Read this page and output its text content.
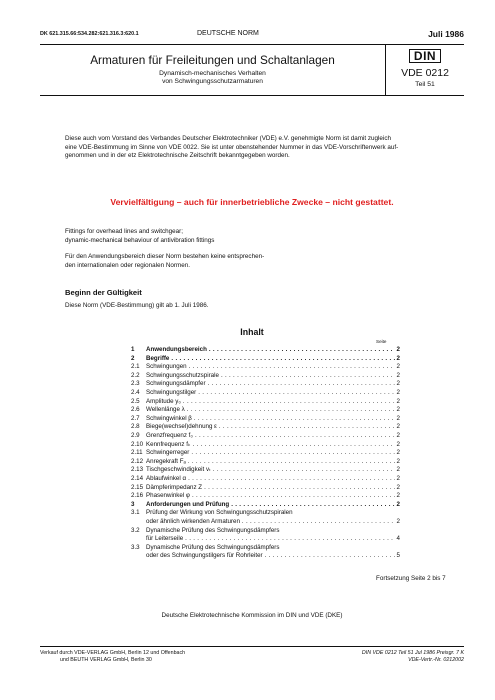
DK 621.315.66:534.282:621.316.3:620.1	DEUTSCHE NORM	Juli 1986
Armaturen für Freileitungen und Schaltanlagen
Dynamisch-mechanisches Verhalten
von Schwingungsschutzarmaturen
DIN
VDE 0212
Teil 51
Diese auch vom Vorstand des Verbandes Deutscher Elektrotechniker (VDE) e.V. genehmigte Norm ist damit zugleich
eine VDE-Bestimmung im Sinne von VDE 0022. Sie ist unter obenstehender Nummer in das VDE-Vorschriftenwerk auf-
genommen und in der etz Elektrotechnische Zeitschrift bekanntgegeben worden.
Vervielfältigung – auch für innerbetriebliche Zwecke – nicht gestattet.
Fittings for overhead lines and switchgear;
dynamic-mechanical behaviour of antivibration fittings
Für den Anwendungsbereich dieser Norm bestehen keine entsprechen-
den internationalen oder regionalen Normen.
Beginn der Gültigkeit
Diese Norm (VDE-Bestimmung) gilt ab 1. Juli 1986.
Inhalt
Seite
1 Anwendungsbereich . . .	2
2 Begriffe . . .	2
2.1 Schwingungen . . .	2
2.2 Schwingungsschutzspirale . . .	2
2.3 Schwingungsdämpfer . . .	2
2.4 Schwingungstilger . . .	2
2.5 Amplitude y₀ . . .	2
2.6 Wellenlänge λ . . .	2
2.7 Schwingwinkel β . . .	2
2.8 Biege(wechsel)dehnung ε . . .	2
2.9 Grenzfrequenz f₀ . . .	2
2.10 Kennfrequenz fₖ . . .	2
2.11 Schwingerreger . . .	2
2.12 Anregekraft Fₐ . . .	2
2.13 Tischgeschwindigkeit vₜ . . .	2
2.14 Ablaufwinkel α . . .	2
2.15 Dämpferimpedanz Z . . .	2
2.16 Phasenwinkel φ . . .	2
3 Anforderungen und Prüfung . . .	2
3.1 Prüfung der Wirkung von Schwingungsschutzspiralen
oder ähnlich wirkenden Armaturen . . .	2
3.2 Dynamische Prüfung des Schwingungsdämpfers
für Leiterseile . . .	4
3.3 Dynamische Prüfung des Schwingungsdämpfers
oder des Schwingungstilgers für Rohrleiter . . .	5
Fortsetzung Seite 2 bis 7
Deutsche Elektrotechnische Kommission im DIN und VDE (DKE)
Verkauf durch VDE-VERLAG GmbH, Berlin 12 und Offenbach
und BEUTH VERLAG GmbH, Berlin 30
DIN VDE 0212 Teil 51 Jul 1986 Preisgr. 7 K
VDE-Vertr.-Nr. 0212002
